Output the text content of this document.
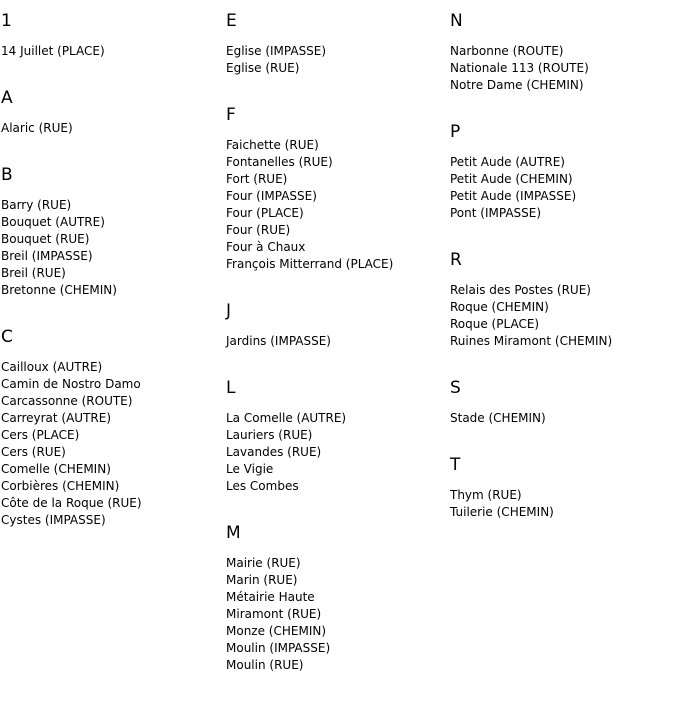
1
14 Juillet (PLACE)
A
Alaric (RUE)
B
Barry (RUE)
Bouquet (AUTRE)
Bouquet (RUE)
Breil (IMPASSE)
Breil (RUE)
Bretonne (CHEMIN)
C
Cailloux (AUTRE)
Camin de Nostro Damo
Carcassonne (ROUTE)
Carreyrat (AUTRE)
Cers (PLACE)
Cers (RUE)
Comelle (CHEMIN)
Corbières (CHEMIN)
Côte de la Roque (RUE)
Cystes (IMPASSE)
E
Eglise (IMPASSE)
Eglise (RUE)
F
Faichette (RUE)
Fontanelles (RUE)
Fort (RUE)
Four (IMPASSE)
Four (PLACE)
Four (RUE)
Four à Chaux
François Mitterrand (PLACE)
J
Jardins (IMPASSE)
L
La Comelle (AUTRE)
Lauriers (RUE)
Lavandes (RUE)
Le Vigie
Les Combes
M
Mairie (RUE)
Marin (RUE)
Métairie Haute
Miramont (RUE)
Monze (CHEMIN)
Moulin (IMPASSE)
Moulin (RUE)
N
Narbonne (ROUTE)
Nationale 113 (ROUTE)
Notre Dame (CHEMIN)
P
Petit Aude (AUTRE)
Petit Aude (CHEMIN)
Petit Aude (IMPASSE)
Pont (IMPASSE)
R
Relais des Postes (RUE)
Roque (CHEMIN)
Roque (PLACE)
Ruines Miramont (CHEMIN)
S
Stade (CHEMIN)
T
Thym (RUE)
Tuilerie (CHEMIN)
